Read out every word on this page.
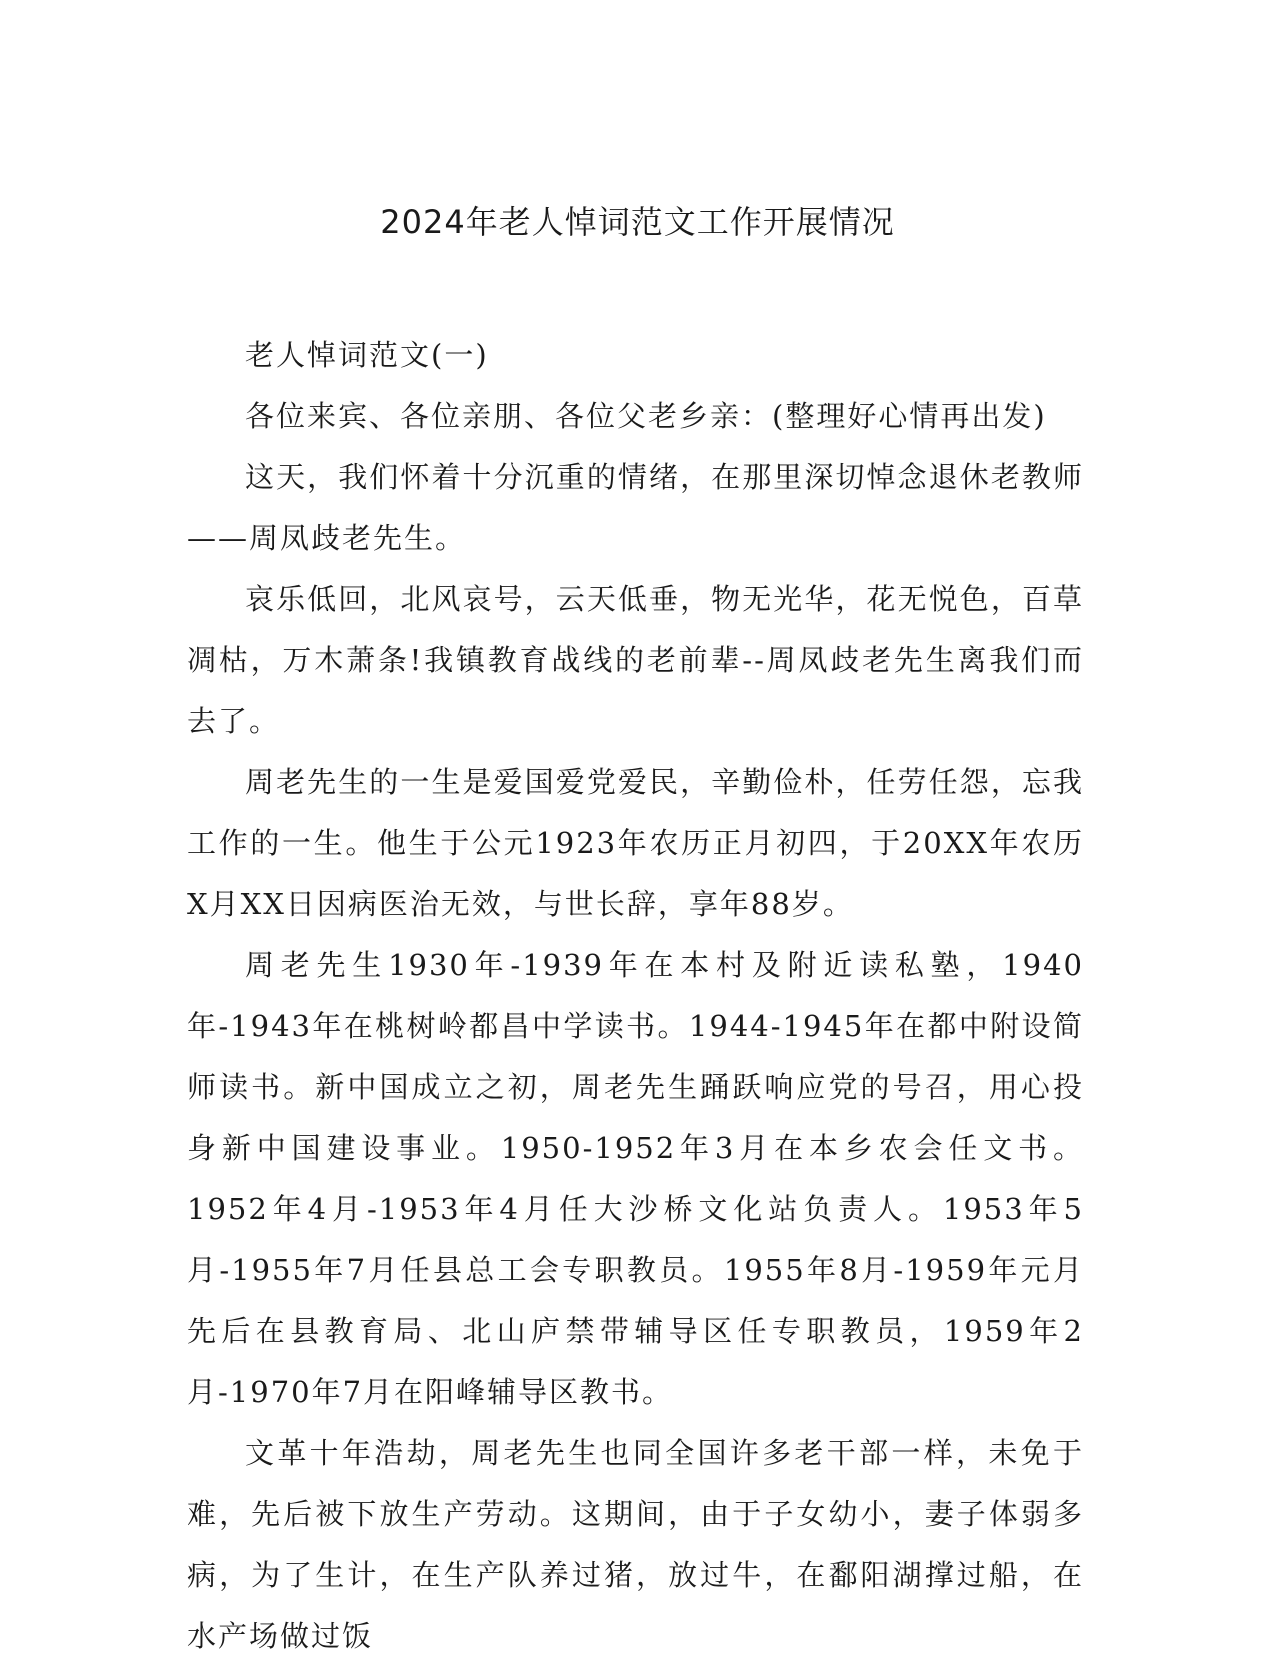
2024年老人悼词范文工作开展情况

老人悼词范文(一)

各位来宾、各位亲朋、各位父老乡亲：(整理好心情再出发)

这天，我们怀着十分沉重的情绪，在那里深切悼念退休老教师——周凤歧老先生。

哀乐低回，北风哀号，云天低垂，物无光华，花无悦色，百草凋枯，万木萧条!我镇教育战线的老前辈--周凤歧老先生离我们而去了。

周老先生的一生是爱国爱党爱民，辛勤俭朴，任劳任怨，忘我工作的一生。他生于公元1923年农历正月初四，于20XX年农历X月XX日因病医治无效，与世长辞，享年88岁。

周老先生1930年-1939年在本村及附近读私塾，1940年-1943年在桃树岭都昌中学读书。1944-1945年在都中附设简师读书。新中国成立之初，周老先生踊跃响应党的号召，用心投身新中国建设事业。1950-1952年3月在本乡农会任文书。1952年4月-1953年4月任大沙桥文化站负责人。1953年5月-1955年7月任县总工会专职教员。1955年8月-1959年元月先后在县教育局、北山庐禁带辅导区任专职教员，1959年2月-1970年7月在阳峰辅导区教书。

文革十年浩劫，周老先生也同全国许多老干部一样，未免于难，先后被下放生产劳动。这期间，由于子女幼小，妻子体弱多病，为了生计，在生产队养过猪，放过牛，在鄱阳湖撑过船，在水产场做过饭
